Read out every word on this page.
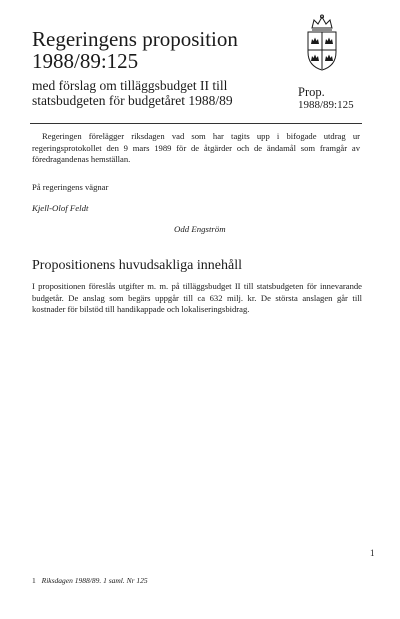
Regeringens proposition
1988/89:125
med förslag om tilläggsbudget II till
statsbudgeten för budgetåret 1988/89
Prop.
1988/89:125

Regeringen förelägger riksdagen vad som har tagits upp i bifogade utdrag ur regeringsprotokollet den 9 mars 1989 för de åtgärder och de ändamål som framgår av föredragandenas hemställan.

På regeringens vägnar

Kjell-Olof Feldt

Odd Engström

Propositionens huvudsakliga innehåll

I propositionen föreslås utgifter m. m. på tilläggsbudget II till statsbudgeten för innevarande budgetår. De anslag som begärs uppgår till ca 632 milj. kr. De största anslagen går till kostnader för bilstöd till handikappade och lokaliseringsbidrag.

1
1 Riksdagen 1988/89. 1 saml. Nr 125
